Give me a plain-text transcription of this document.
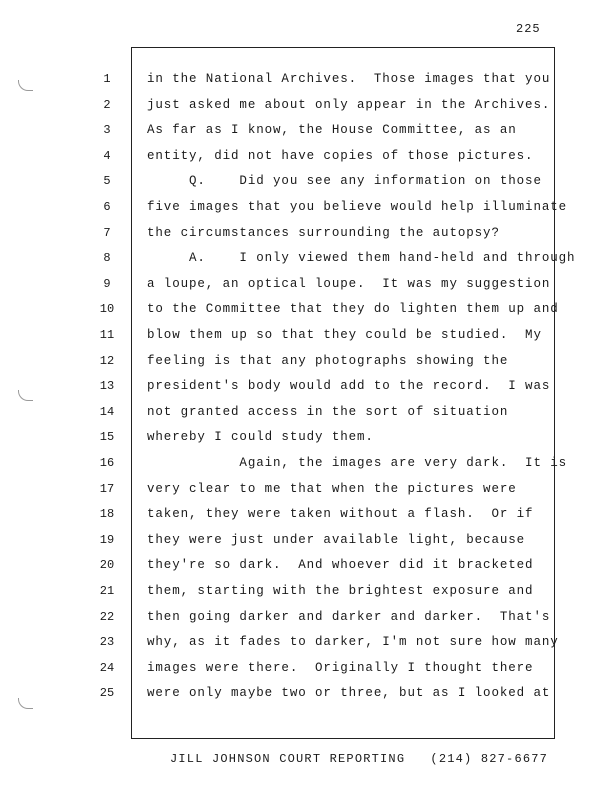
225
1
2
3
4
5
6
7
8
9
10
11
12
13
14
15
16
17
18
19
20
21
22
23
24
25
in the National Archives.  Those images that you
just asked me about only appear in the Archives.
As far as I know, the House Committee, as an
entity, did not have copies of those pictures.
Q.    Did you see any information on those
five images that you believe would help illuminate
the circumstances surrounding the autopsy?
A.    I only viewed them hand-held and through
a loupe, an optical loupe.  It was my suggestion
to the Committee that they do lighten them up and
blow them up so that they could be studied.  My
feeling is that any photographs showing the
president's body would add to the record.  I was
not granted access in the sort of situation
whereby I could study them.
Again, the images are very dark.  It is
very clear to me that when the pictures were
taken, they were taken without a flash.  Or if
they were just under available light, because
they're so dark.  And whoever did it bracketed
them, starting with the brightest exposure and
then going darker and darker and darker.  That's
why, as it fades to darker, I'm not sure how many
images were there.  Originally I thought there
were only maybe two or three, but as I looked at
JILL JOHNSON COURT REPORTING   (214) 827-6677
